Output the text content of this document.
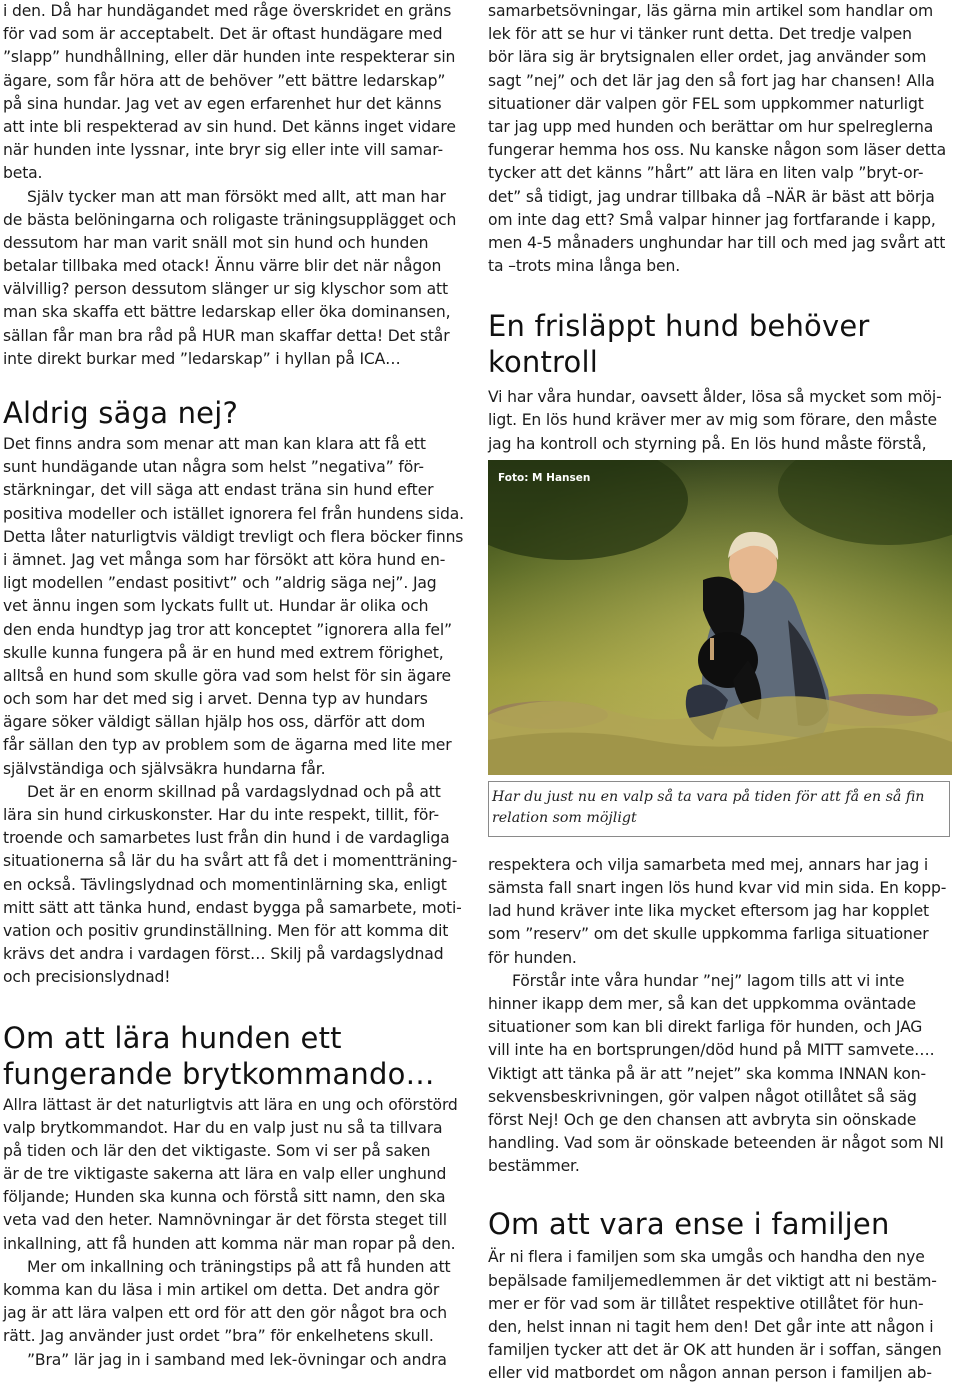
i den. Då har hundägandet med råge överskridet en gräns
för vad som är acceptabelt. Det är oftast hundägare med
”slapp” hundhållning, eller där hunden inte respekterar sin
ägare, som får höra att de behöver ”ett bättre ledarskap”
på sina hundar. Jag vet av egen erfarenhet hur det känns
att inte bli respekterad av sin hund. Det känns inget vidare
när hunden inte lyssnar, inte bryr sig eller inte vill samar-
beta.
Själv tycker man att man försökt med allt, att man har
de bästa belöningarna och roligaste träningsupplägget och
dessutom har man varit snäll mot sin hund och hunden
betalar tillbaka med otack! Ännu värre blir det när någon
välvillig? person dessutom slänger ur sig klyschor som att
man ska skaffa ett bättre ledarskap eller öka dominansen,
sällan får man bra råd på HUR man skaffar detta! Det står
inte direkt burkar med ”ledarskap” i hyllan på ICA…
Aldrig säga nej?
Det finns andra som menar att man kan klara att få ett
sunt hundägande utan några som helst ”negativa” för-
stärkningar, det vill säga att endast träna sin hund efter
positiva modeller och istället ignorera fel från hundens sida.
Detta låter naturligtvis väldigt trevligt och flera böcker finns
i ämnet. Jag vet många som har försökt att köra hund en-
ligt modellen ”endast positivt” och ”aldrig säga nej”. Jag
vet ännu ingen som lyckats fullt ut. Hundar är olika och
den enda hundtyp jag tror att konceptet ”ignorera alla fel”
skulle kunna fungera på är en hund med extrem förighet,
alltså en hund som skulle göra vad som helst för sin ägare
och som har det med sig i arvet. Denna typ av hundars
ägare söker väldigt sällan hjälp hos oss, därför att dom
får sällan den typ av problem som de ägarna med lite mer
självständiga och självsäkra hundarna får.
Det är en enorm skillnad på vardagslydnad och på att
lära sin hund cirkuskonster. Har du inte respekt, tillit, för-
troende och samarbetes lust från din hund i de vardagliga
situationerna så lär du ha svårt att få det i momentträning-
en också. Tävlingslydnad och momentinlärning ska, enligt
mitt sätt att tänka hund, endast bygga på samarbete, moti-
vation och positiv grundinställning. Men för att komma dit
krävs det andra i vardagen först… Skilj på vardagslydnad
och precisionslydnad!
Om att lära hunden ett
fungerande brytkommando…
Allra lättast är det naturligtvis att lära en ung och oförstörd
valp brytkommandot. Har du en valp just nu så ta tillvara
på tiden och lär den det viktigaste. Som vi ser på saken
är de tre viktigaste sakerna att lära en valp eller unghund
följande; Hunden ska kunna och förstå sitt namn, den ska
veta vad den heter. Namnövningar är det första steget till
inkallning, att få hunden att komma när man ropar på den.
Mer om inkallning och träningstips på att få hunden att
komma kan du läsa i min artikel om detta. Det andra gör
jag är att lära valpen ett ord för att den gör något bra och
rätt. Jag använder just ordet ”bra” för enkelhetens skull.
”Bra” lär jag in i samband med lek-övningar och andra
samarbetsövningar, läs gärna min artikel som handlar om
lek för att se hur vi tänker runt detta. Det tredje valpen
bör lära sig är brytsignalen eller ordet, jag använder som
sagt ”nej” och det lär jag den så fort jag har chansen! Alla
situationer där valpen gör FEL som uppkommer naturligt
tar jag upp med hunden och berättar om hur spelreglerna
fungerar hemma hos oss. Nu kanske någon som läser detta
tycker att det känns ”hårt” att lära en liten valp ”bryt-or-
det” så tidigt, jag undrar tillbaka då –NÄR är bäst att börja
om inte dag ett? Små valpar hinner jag fortfarande i kapp,
men 4-5 månaders unghundar har till och med jag svårt att
ta –trots mina långa ben.
En frisläppt hund behöver
kontroll
Vi har våra hundar, oavsett ålder, lösa så mycket som möj-
ligt. En lös hund kräver mer av mig som förare, den måste
jag ha kontroll och styrning på. En lös hund måste förstå,
Foto: M Hansen
Har du just nu en valp så ta vara på tiden för att få en så fin
relation som möjligt
respektera och vilja samarbeta med mej, annars har jag i
sämsta fall snart ingen lös hund kvar vid min sida. En kopp-
lad hund kräver inte lika mycket eftersom jag har kopplet
som ”reserv” om det skulle uppkomma farliga situationer
för hunden.
Förstår inte våra hundar ”nej” lagom tills att vi inte
hinner ikapp dem mer, så kan det uppkomma oväntade
situationer som kan bli direkt farliga för hunden, och JAG
vill inte ha en bortsprungen/död hund på MITT samvete….
Viktigt att tänka på är att ”nejet” ska komma INNAN kon-
sekvensbeskrivningen, gör valpen något otillåtet så säg
först Nej! Och ge den chansen att avbryta sin oönskade
handling. Vad som är oönskade beteenden är något som NI
bestämmer.
Om att vara ense i familjen
Är ni flera i familjen som ska umgås och handha den nye
bepälsade familjemedlemmen är det viktigt att ni bestäm-
mer er för vad som är tillåtet respektive otillåtet för hun-
den, helst innan ni tagit hem den! Det går inte att någon i
familjen tycker att det är OK att hunden är i soffan, sängen
eller vid matbordet om någon annan person i familjen ab-
